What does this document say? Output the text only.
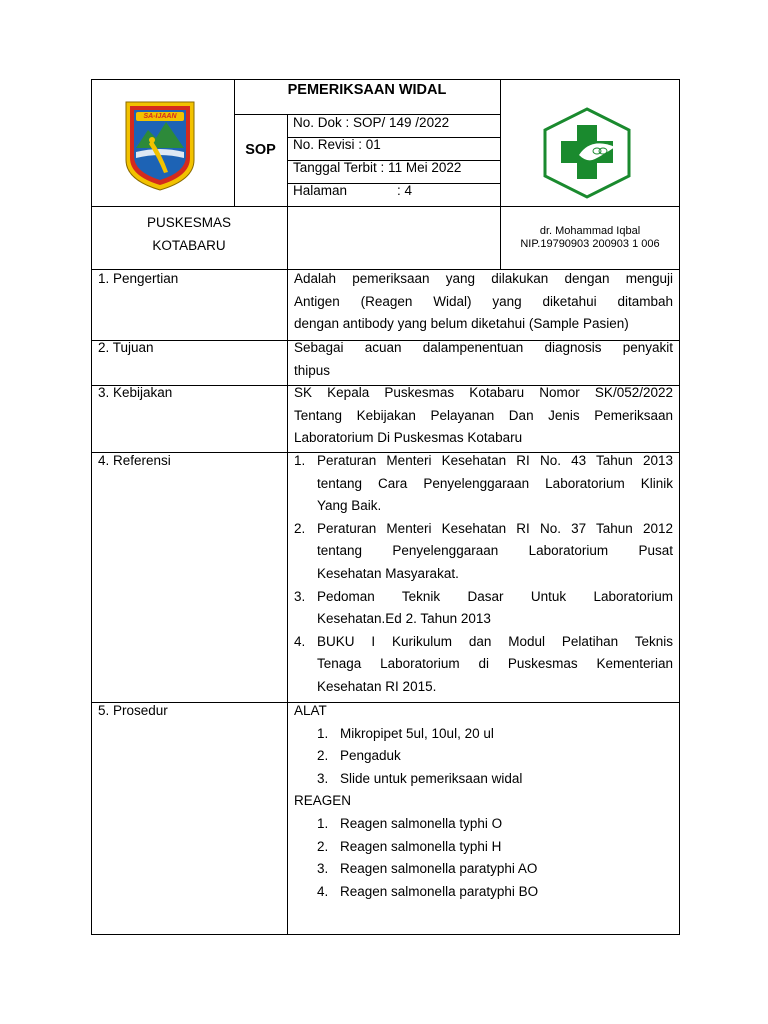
SA-IJAAN
PEMERIKSAAN WIDAL
SOP
No. Dok : SOP/ 149 /2022
No. Revisi : 01
Tanggal Terbit : 11 Mei 2022
Halaman	: 4
PUSKESMAS
KOTABARU
dr. Mohammad Iqbal
NIP.19790903 200903 1 006
1. Pengertian	Adalah pemeriksaan yang dilakukan dengan menguji
Antigen (Reagen Widal) yang diketahui ditambah
dengan antibody yang belum diketahui (Sample Pasien)
2. Tujuan	Sebagai acuan dalampenentuan diagnosis penyakit
thipus
3. Kebijakan	SK Kepala Puskesmas Kotabaru Nomor SK/052/2022
Tentang Kebijakan Pelayanan Dan Jenis Pemeriksaan
Laboratorium Di Puskesmas Kotabaru
4. Referensi	1. Peraturan Menteri Kesehatan RI No. 43 Tahun 2013
tentang Cara Penyelenggaraan Laboratorium Klinik
Yang Baik.
2. Peraturan Menteri Kesehatan RI No. 37 Tahun 2012
tentang Penyelenggaraan Laboratorium Pusat
Kesehatan Masyarakat.
3. Pedoman Teknik Dasar Untuk Laboratorium
Kesehatan.Ed 2. Tahun 2013
4. BUKU I Kurikulum dan Modul Pelatihan Teknis
Tenaga Laboratorium di Puskesmas Kementerian
Kesehatan RI 2015.
5. Prosedur	ALAT
1. Mikropipet 5ul, 10ul, 20 ul
2. Pengaduk
3. Slide untuk pemeriksaan widal
REAGEN
1. Reagen salmonella typhi O
2. Reagen salmonella typhi H
3. Reagen salmonella paratyphi AO
4. Reagen salmonella paratyphi BO
